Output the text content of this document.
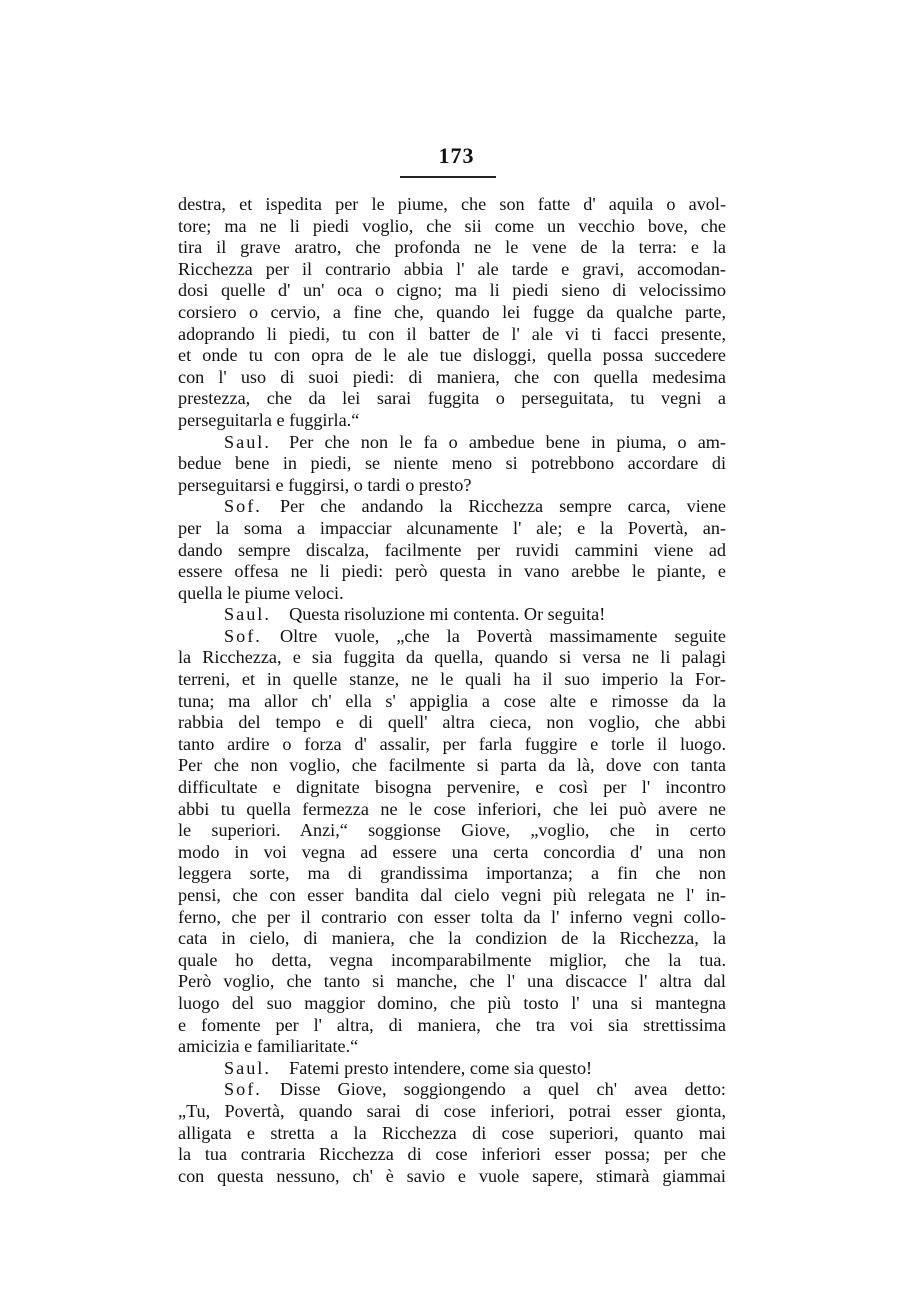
173
destra, et ispedita per le piume, che son fatte d' aquila o avol-
tore; ma ne li piedi voglio, che sii come un vecchio bove, che
tira il grave aratro, che profonda ne le vene de la terra: e la
Ricchezza per il contrario abbia l' ale tarde e gravi, accomodan-
dosi quelle d' un' oca o cigno; ma li piedi sieno di velocissimo
corsiero o cervio, a fine che, quando lei fugge da qualche parte,
adoprando li piedi, tu con il batter de l' ale vi ti facci presente,
et onde tu con opra de le ale tue disloggi, quella possa succedere
con l' uso di suoi piedi: di maniera, che con quella medesima
prestezza, che da lei sarai fuggita o perseguitata, tu vegni a
perseguitarla e fuggirla.“
Saul.  Per che non le fa o ambedue bene in piuma, o am-
bedue bene in piedi, se niente meno si potrebbono accordare di
perseguitarsi e fuggirsi, o tardi o presto?
Sof.  Per che andando la Ricchezza sempre carca, viene
per la soma a impacciar alcunamente l' ale; e la Povertà, an-
dando sempre discalza, facilmente per ruvidi cammini viene ad
essere offesa ne li piedi: però questa in vano arebbe le piante, e
quella le piume veloci.
Saul.  Questa risoluzione mi contenta. Or seguita!
Sof.  Oltre vuole, „che la Povertà massimamente seguite
la Ricchezza, e sia fuggita da quella, quando si versa ne li palagi
terreni, et in quelle stanze, ne le quali ha il suo imperio la For-
tuna; ma allor ch' ella s' appiglia a cose alte e rimosse da la
rabbia del tempo e di quell' altra cieca, non voglio, che abbi
tanto ardire o forza d' assalir, per farla fuggire e torle il luogo.
Per che non voglio, che facilmente si parta da là, dove con tanta
difficultate e dignitate bisogna pervenire, e così per l' incontro
abbi tu quella fermezza ne le cose inferiori, che lei può avere ne
le superiori. Anzi,“ soggionse Giove, „voglio, che in certo
modo in voi vegna ad essere una certa concordia d' una non
leggera sorte, ma di grandissima importanza; a fin che non
pensi, che con esser bandita dal cielo vegni più relegata ne l' in-
ferno, che per il contrario con esser tolta da l' inferno vegni collo-
cata in cielo, di maniera, che la condizion de la Ricchezza, la
quale ho detta, vegna incomparabilmente miglior, che la tua.
Però voglio, che tanto si manche, che l' una discacce l' altra dal
luogo del suo maggior domino, che più tosto l' una si mantegna
e fomente per l' altra, di maniera, che tra voi sia strettissima
amicizia e familiaritate.“
Saul.  Fatemi presto intendere, come sia questo!
Sof.  Disse Giove, soggiongendo a quel ch' avea detto:
„Tu, Povertà, quando sarai di cose inferiori, potrai esser gionta,
alligata e stretta a la Ricchezza di cose superiori, quanto mai
la tua contraria Ricchezza di cose inferiori esser possa; per che
con questa nessuno, ch' è savio e vuole sapere, stimarà giammai
